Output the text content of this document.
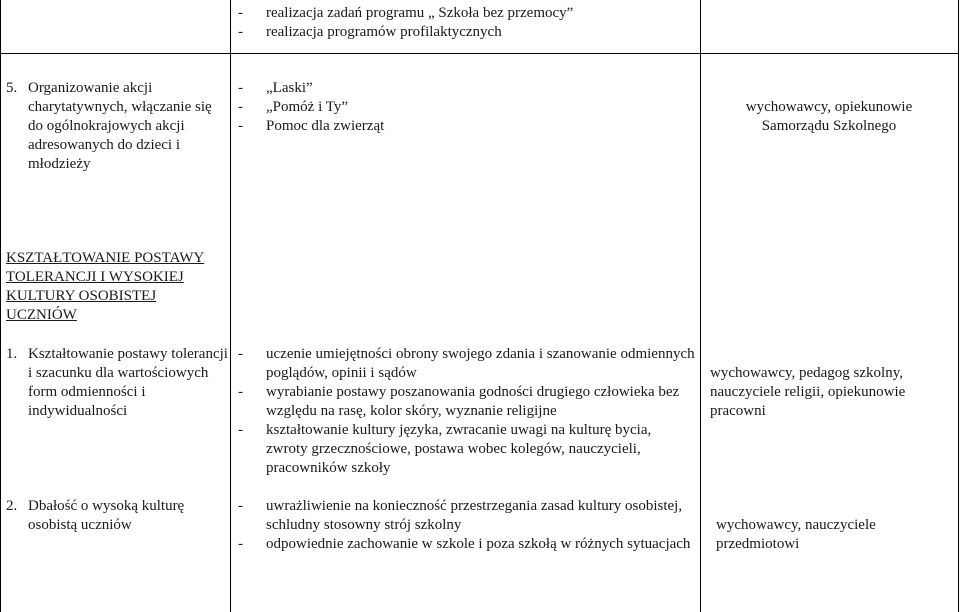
- realizacja zadań programu „ Szkoła bez przemocy”
- realizacja programów profilaktycznych
5. Organizowanie akcji charytatywnych, włączanie się do ogólnokrajowych akcji adresowanych do dzieci i młodzieży
- „Laski”
- „Pomóż i Ty”
- Pomoc dla zwierząt
wychowawcy, opiekunowie
Samorządu Szkolnego
KSZTAŁTOWANIE POSTAWY TOLERANCJI I WYSOKIEJ KULTURY OSOBISTEJ UCZNIÓW
1. Kształtowanie postawy tolerancji i szacunku dla wartościowych form odmienności i indywidualności
- uczenie umiejętności obrony swojego zdania i szanowanie odmiennych poglądów, opinii i sądów
- wyrabianie postawy poszanowania godności drugiego człowieka bez względu na rasę, kolor skóry, wyznanie religijne
- kształtowanie kultury języka, zwracanie uwagi na kulturę bycia, zwroty grzecznościowe, postawa wobec kolegów, nauczycieli, pracowników szkoły
wychowawcy, pedagog szkolny, nauczyciele religii, opiekunowie pracowni
2. Dbałość o wysoką kulturę osobistą uczniów
- uwrażliwienie na konieczność przestrzegania zasad kultury osobistej, schludny stosowny strój szkolny
- odpowiednie zachowanie w szkole i poza szkołą w różnych sytuacjach
wychowawcy, nauczyciele przedmiotowi
